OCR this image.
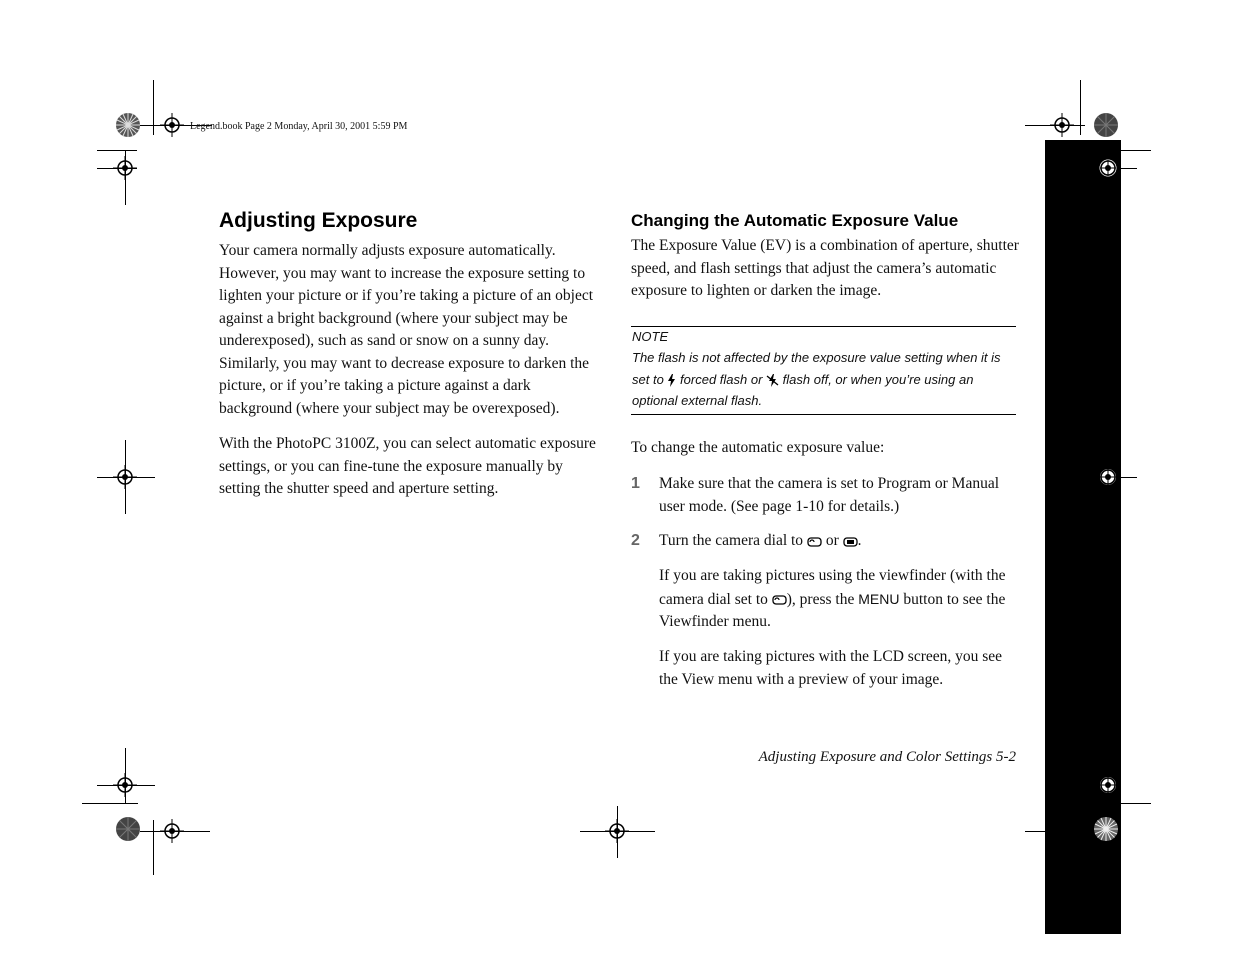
Legend.book Page 2 Monday, April 30, 2001 5:59 PM
Adjusting Exposure

Your camera normally adjusts exposure automatically. However, you may want to increase the exposure setting to lighten your picture or if you’re taking a picture of an object against a bright background (where your subject may be underexposed), such as sand or snow on a sunny day. Similarly, you may want to decrease exposure to darken the picture, or if you’re taking a picture against a dark background (where your subject may be overexposed).

With the PhotoPC 3100Z, you can select automatic exposure settings, or you can fine-tune the exposure manually by setting the shutter speed and aperture setting.

Changing the Automatic Exposure Value

The Exposure Value (EV) is a combination of aperture, shutter speed, and flash settings that adjust the camera’s automatic exposure to lighten or darken the image.

NOTE
The flash is not affected by the exposure value setting when it is
set to forced flash or flash off, or when you’re using an
optional external flash.

To change the automatic exposure value:

1 Make sure that the camera is set to Program or Manual user mode. (See page 1-10 for details.)

2 Turn the camera dial to or .

If you are taking pictures using the viewfinder (with the camera dial set to ), press the MENU button to see the Viewfinder menu.

If you are taking pictures with the LCD screen, you see the View menu with a preview of your image.

Adjusting Exposure and Color Settings 5-2
